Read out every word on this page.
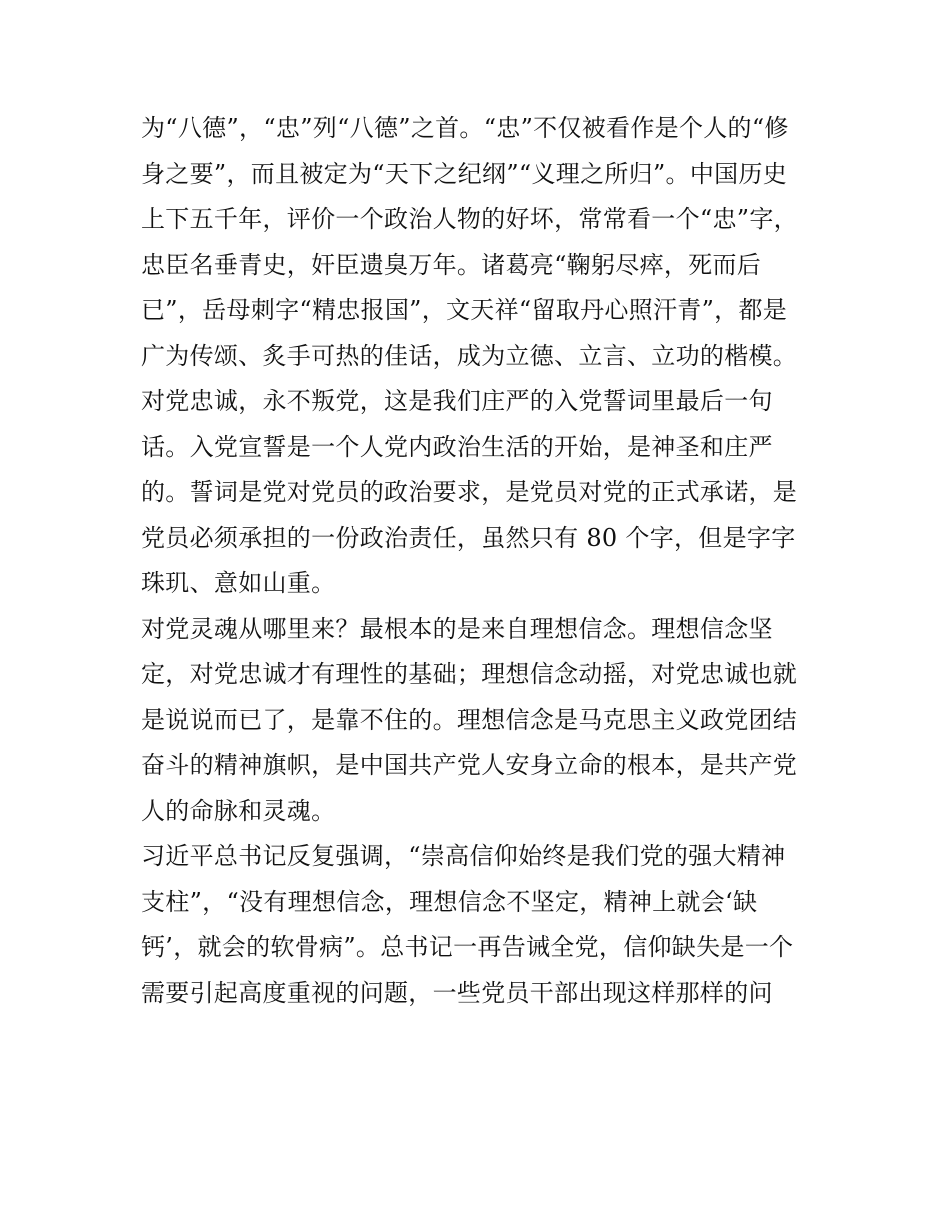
为“八德”，“忠”列“八德”之首。“忠”不仅被看作是个人的“修
身之要”，而且被定为“天下之纪纲”“义理之所归”。中国历史
上下五千年，评价一个政治人物的好坏，常常看一个“忠”字，
忠臣名垂青史，奸臣遗臭万年。诸葛亮“鞠躬尽瘁，死而后
已”，岳母刺字“精忠报国”，文天祥“留取丹心照汗青”，都是
广为传颂、炙手可热的佳话，成为立德、立言、立功的楷模。
对党忠诚，永不叛党，这是我们庄严的入党誓词里最后一句
话。入党宣誓是一个人党内政治生活的开始，是神圣和庄严
的。誓词是党对党员的政治要求，是党员对党的正式承诺，是
党员必须承担的一份政治责任，虽然只有 80 个字，但是字字
珠玑、意如山重。
对党灵魂从哪里来？最根本的是来自理想信念。理想信念坚
定，对党忠诚才有理性的基础；理想信念动摇，对党忠诚也就
是说说而已了，是靠不住的。理想信念是马克思主义政党团结
奋斗的精神旗帜，是中国共产党人安身立命的根本，是共产党
人的命脉和灵魂。
习近平总书记反复强调，“崇高信仰始终是我们党的强大精神
支柱”，“没有理想信念，理想信念不坚定，精神上就会‘缺
钙’，就会的软骨病”。总书记一再告诫全党，信仰缺失是一个
需要引起高度重视的问题，一些党员干部出现这样那样的问
